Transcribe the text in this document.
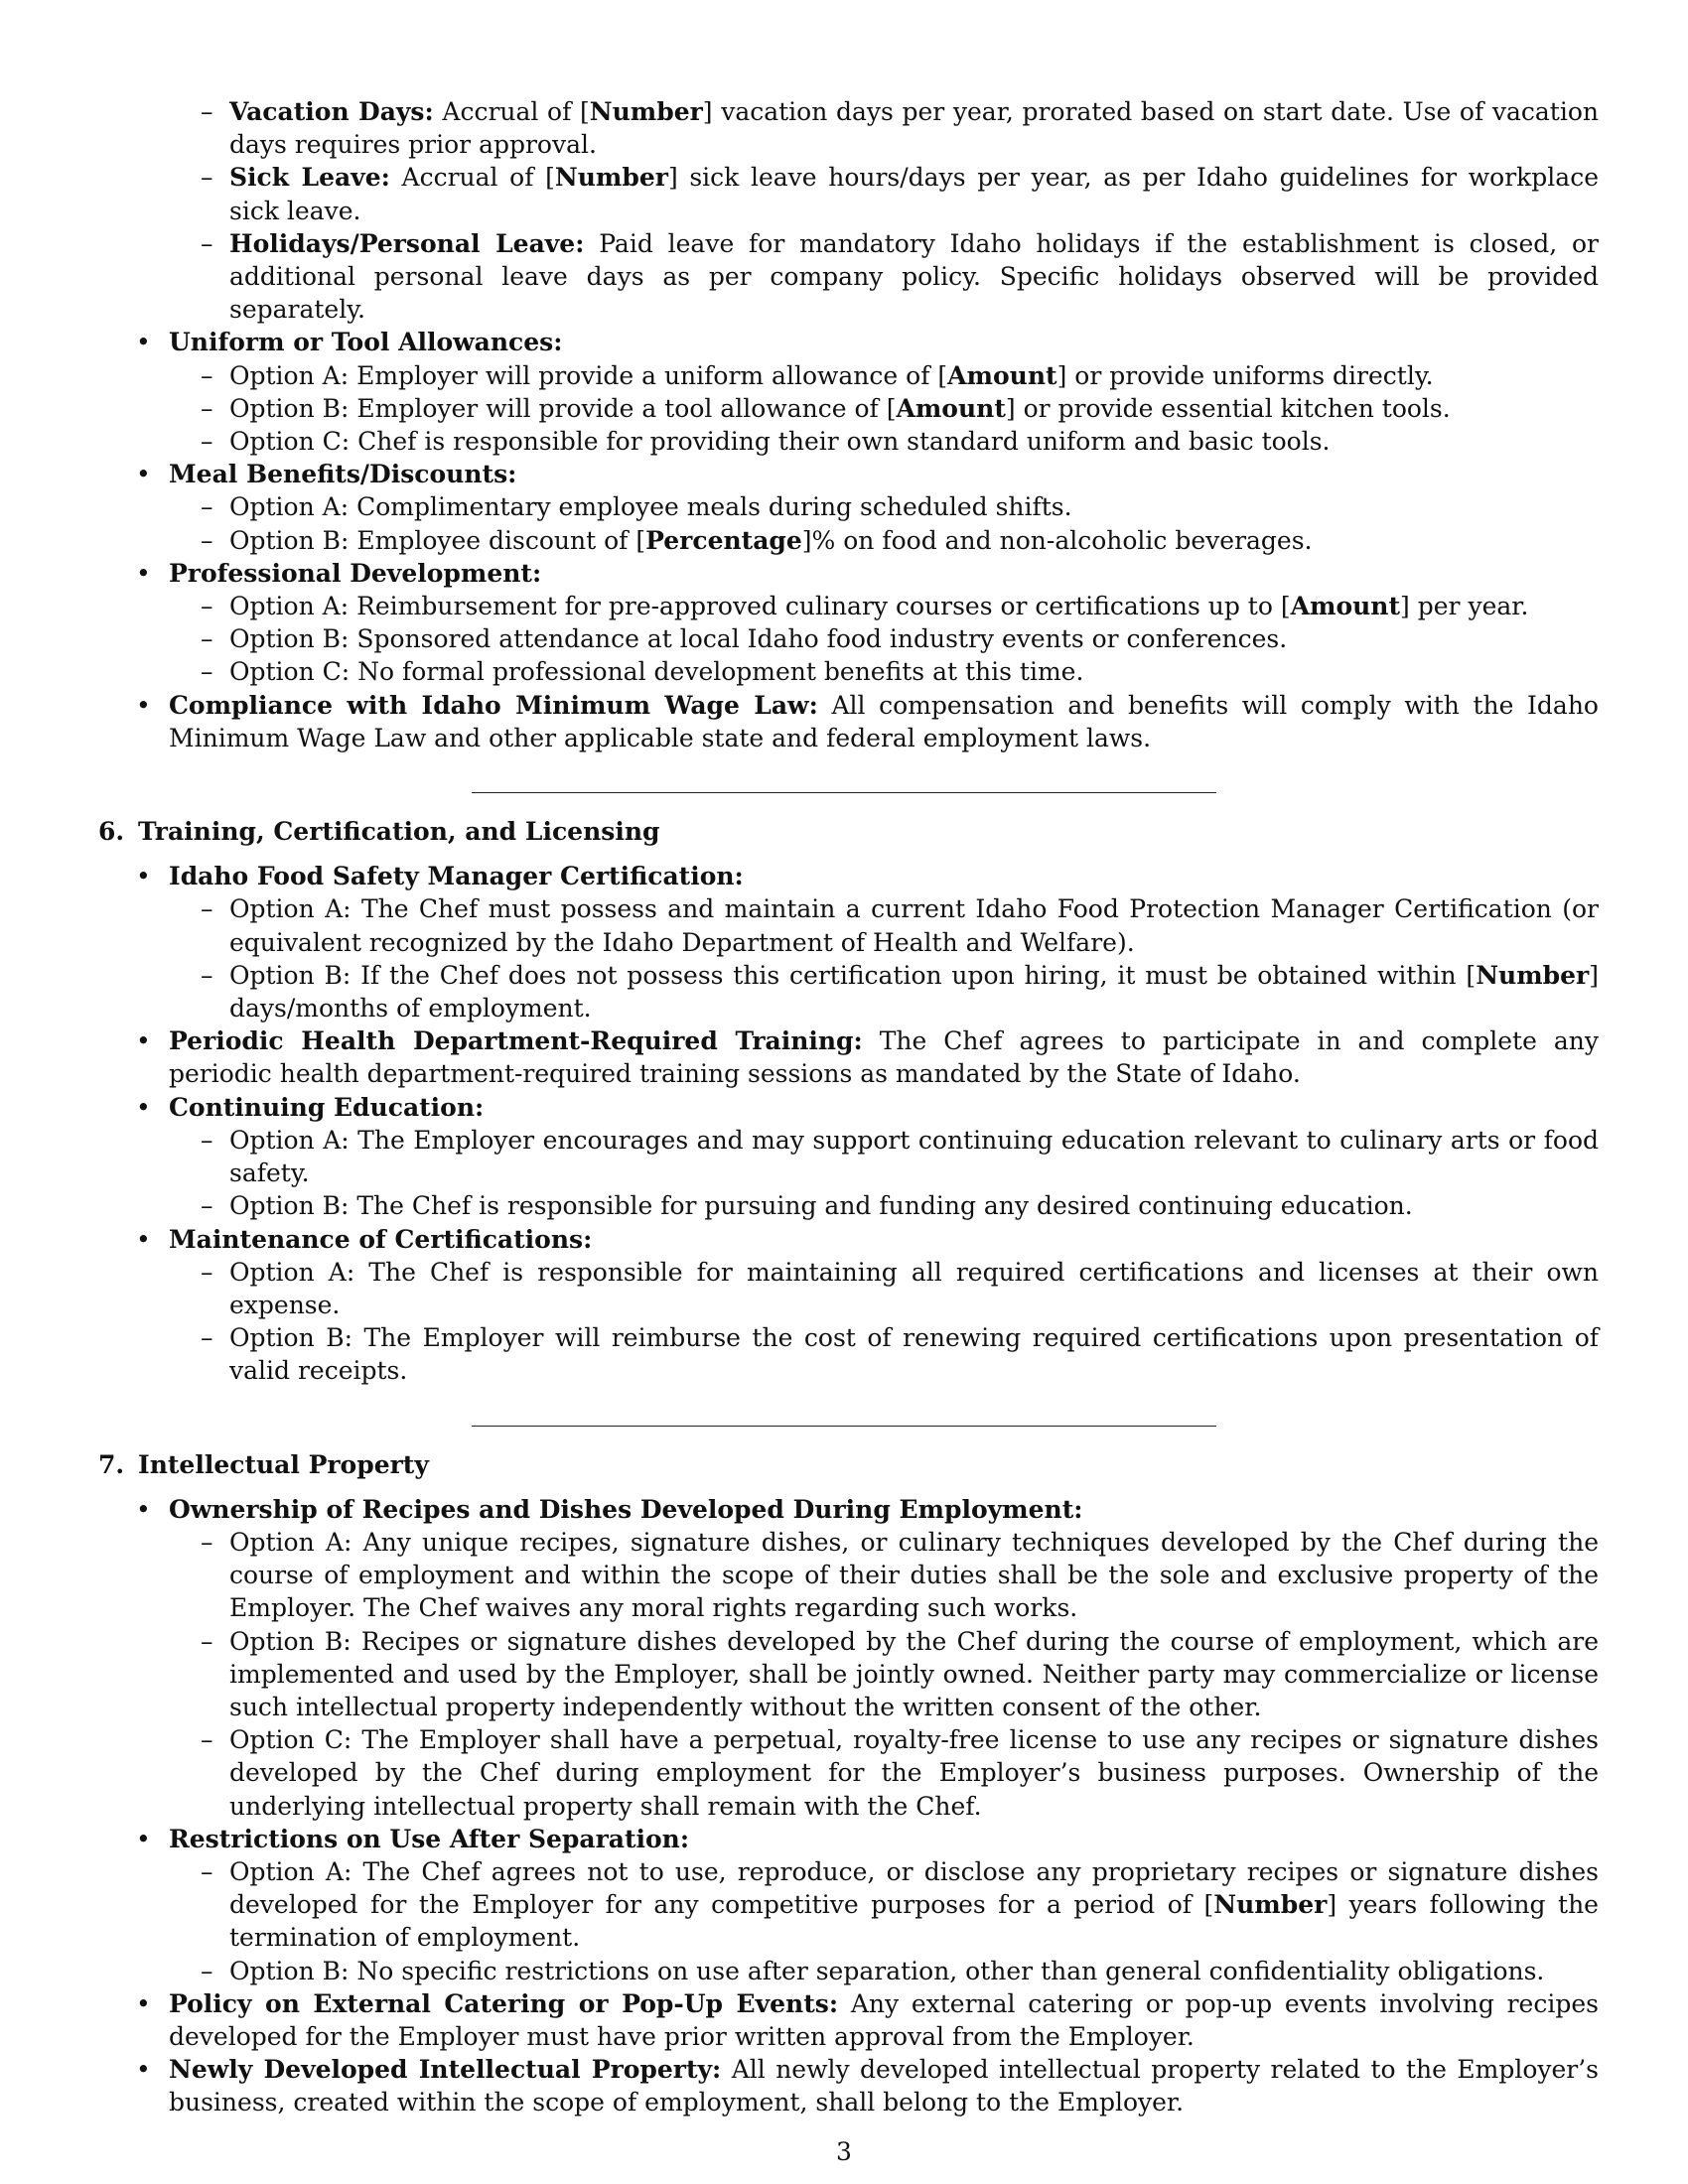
– Vacation Days: Accrual of [Number] vacation days per year, prorated based on start date. Use of vacation days requires prior approval.
– Sick Leave: Accrual of [Number] sick leave hours/days per year, as per Idaho guidelines for workplace sick leave.
– Holidays/Personal Leave: Paid leave for mandatory Idaho holidays if the establishment is closed, or additional personal leave days as per company policy. Specific holidays observed will be provided separately.
• Uniform or Tool Allowances:
– Option A: Employer will provide a uniform allowance of [Amount] or provide uniforms directly.
– Option B: Employer will provide a tool allowance of [Amount] or provide essential kitchen tools.
– Option C: Chef is responsible for providing their own standard uniform and basic tools.
• Meal Benefits/Discounts:
– Option A: Complimentary employee meals during scheduled shifts.
– Option B: Employee discount of [Percentage]% on food and non-alcoholic beverages.
• Professional Development:
– Option A: Reimbursement for pre-approved culinary courses or certifications up to [Amount] per year.
– Option B: Sponsored attendance at local Idaho food industry events or conferences.
– Option C: No formal professional development benefits at this time.
• Compliance with Idaho Minimum Wage Law: All compensation and benefits will comply with the Idaho Minimum Wage Law and other applicable state and federal employment laws.
6. Training, Certification, and Licensing
• Idaho Food Safety Manager Certification:
– Option A: The Chef must possess and maintain a current Idaho Food Protection Manager Certification (or equivalent recognized by the Idaho Department of Health and Welfare).
– Option B: If the Chef does not possess this certification upon hiring, it must be obtained within [Number] days/months of employment.
• Periodic Health Department-Required Training: The Chef agrees to participate in and complete any periodic health department-required training sessions as mandated by the State of Idaho.
• Continuing Education:
– Option A: The Employer encourages and may support continuing education relevant to culinary arts or food safety.
– Option B: The Chef is responsible for pursuing and funding any desired continuing education.
• Maintenance of Certifications:
– Option A: The Chef is responsible for maintaining all required certifications and licenses at their own expense.
– Option B: The Employer will reimburse the cost of renewing required certifications upon presentation of valid receipts.
7. Intellectual Property
• Ownership of Recipes and Dishes Developed During Employment:
– Option A: Any unique recipes, signature dishes, or culinary techniques developed by the Chef during the course of employment and within the scope of their duties shall be the sole and exclusive property of the Employer. The Chef waives any moral rights regarding such works.
– Option B: Recipes or signature dishes developed by the Chef during the course of employment, which are implemented and used by the Employer, shall be jointly owned. Neither party may commercialize or license such intellectual property independently without the written consent of the other.
– Option C: The Employer shall have a perpetual, royalty-free license to use any recipes or signature dishes developed by the Chef during employment for the Employer’s business purposes. Ownership of the underlying intellectual property shall remain with the Chef.
• Restrictions on Use After Separation:
– Option A: The Chef agrees not to use, reproduce, or disclose any proprietary recipes or signature dishes developed for the Employer for any competitive purposes for a period of [Number] years following the termination of employment.
– Option B: No specific restrictions on use after separation, other than general confidentiality obligations.
• Policy on External Catering or Pop-Up Events: Any external catering or pop-up events involving recipes developed for the Employer must have prior written approval from the Employer.
• Newly Developed Intellectual Property: All newly developed intellectual property related to the Employer’s business, created within the scope of employment, shall belong to the Employer.
3
